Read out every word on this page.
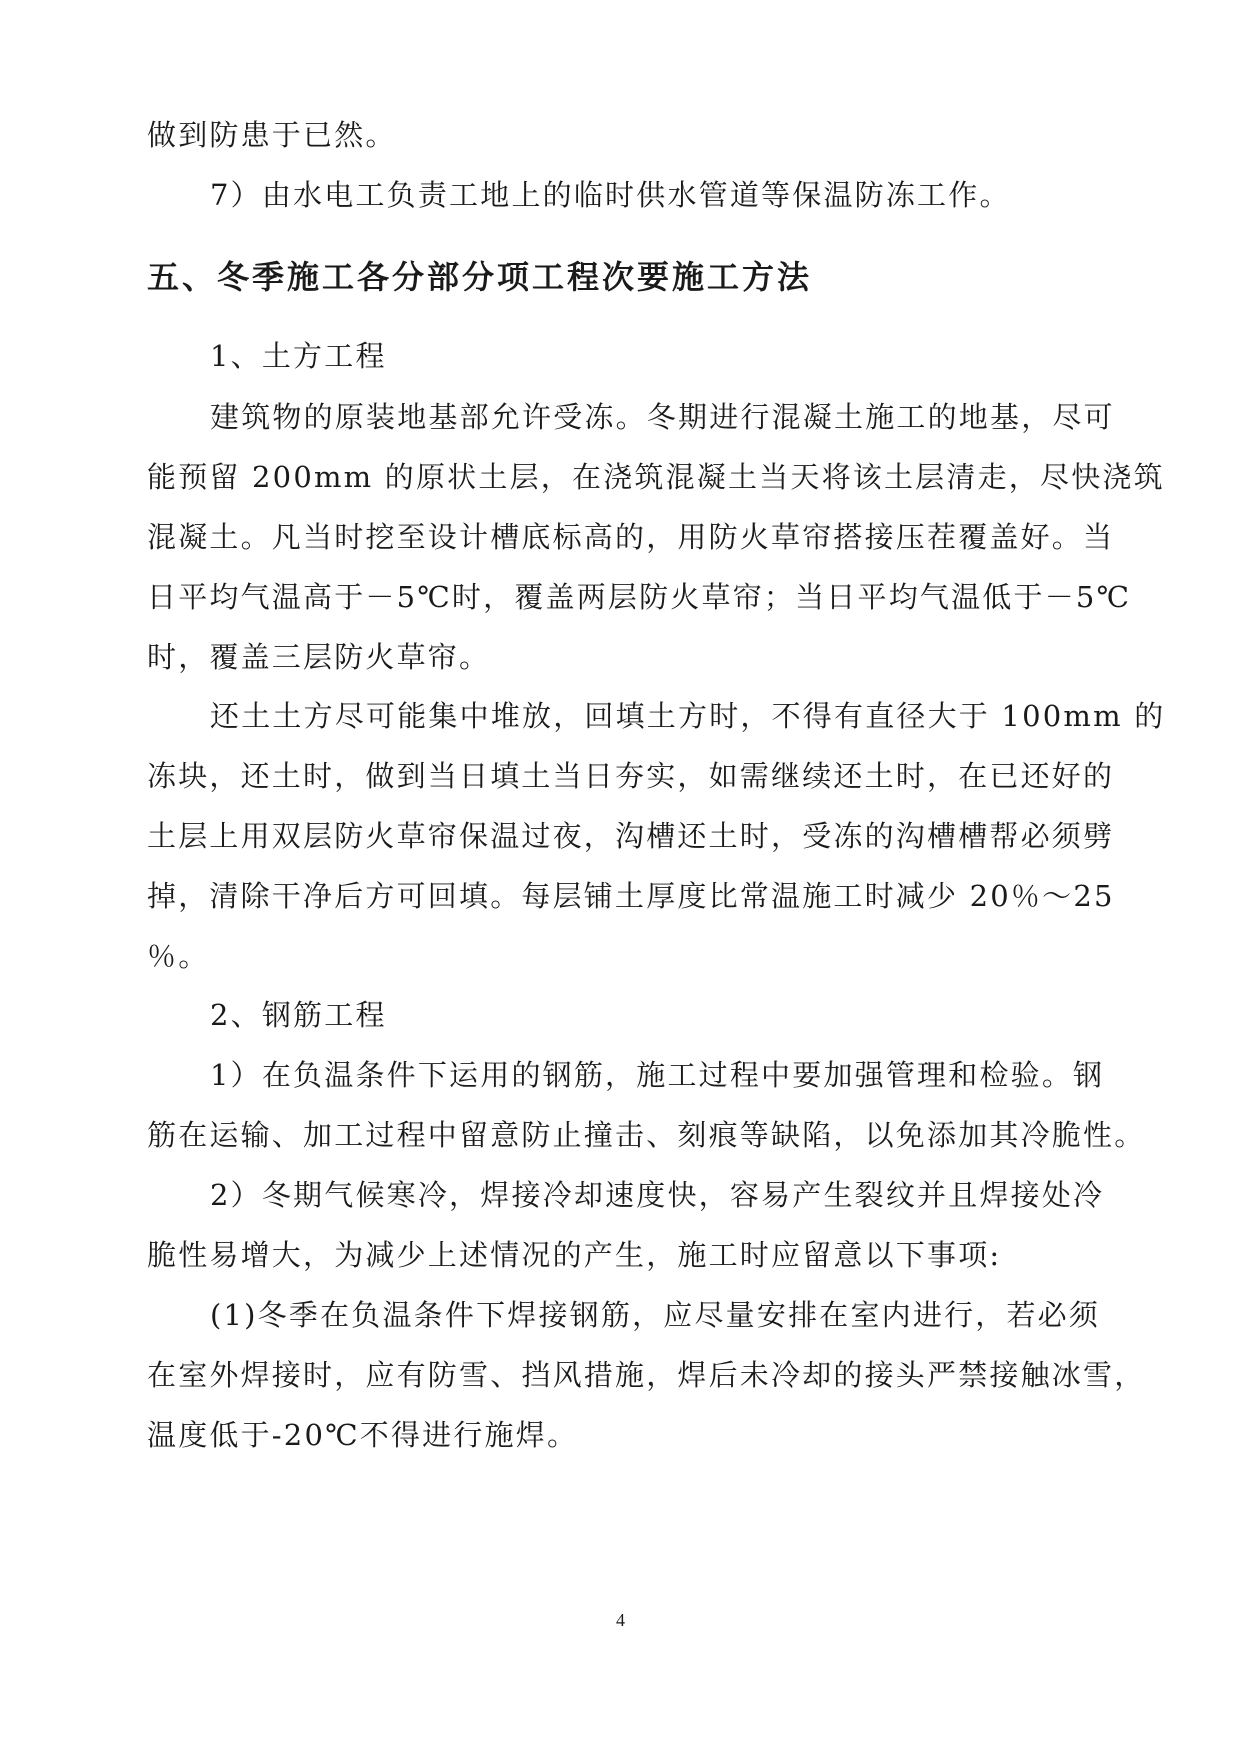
做到防患于已然。
7）由水电工负责工地上的临时供水管道等保温防冻工作。
五、冬季施工各分部分项工程次要施工方法
1、土方工程
建筑物的原装地基部允许受冻。冬期进行混凝土施工的地基，尽可
能预留 200mm 的原状土层，在浇筑混凝土当天将该土层清走，尽快浇筑
混凝土。凡当时挖至设计槽底标高的，用防火草帘搭接压茬覆盖好。当
日平均气温高于－5℃时，覆盖两层防火草帘；当日平均气温低于－5℃
时，覆盖三层防火草帘。
还土土方尽可能集中堆放，回填土方时，不得有直径大于 100mm 的
冻块，还土时，做到当日填土当日夯实，如需继续还土时，在已还好的
土层上用双层防火草帘保温过夜，沟槽还土时，受冻的沟槽槽帮必须劈
掉，清除干净后方可回填。每层铺土厚度比常温施工时减少 20％～25
％。
2、钢筋工程
1）在负温条件下运用的钢筋，施工过程中要加强管理和检验。钢
筋在运输、加工过程中留意防止撞击、刻痕等缺陷，以免添加其冷脆性。
2）冬期气候寒冷，焊接冷却速度快，容易产生裂纹并且焊接处冷
脆性易增大，为减少上述情况的产生，施工时应留意以下事项:
(1)冬季在负温条件下焊接钢筋，应尽量安排在室内进行，若必须
在室外焊接时，应有防雪、挡风措施，焊后未冷却的接头严禁接触冰雪，
温度低于-20℃不得进行施焊。
4
